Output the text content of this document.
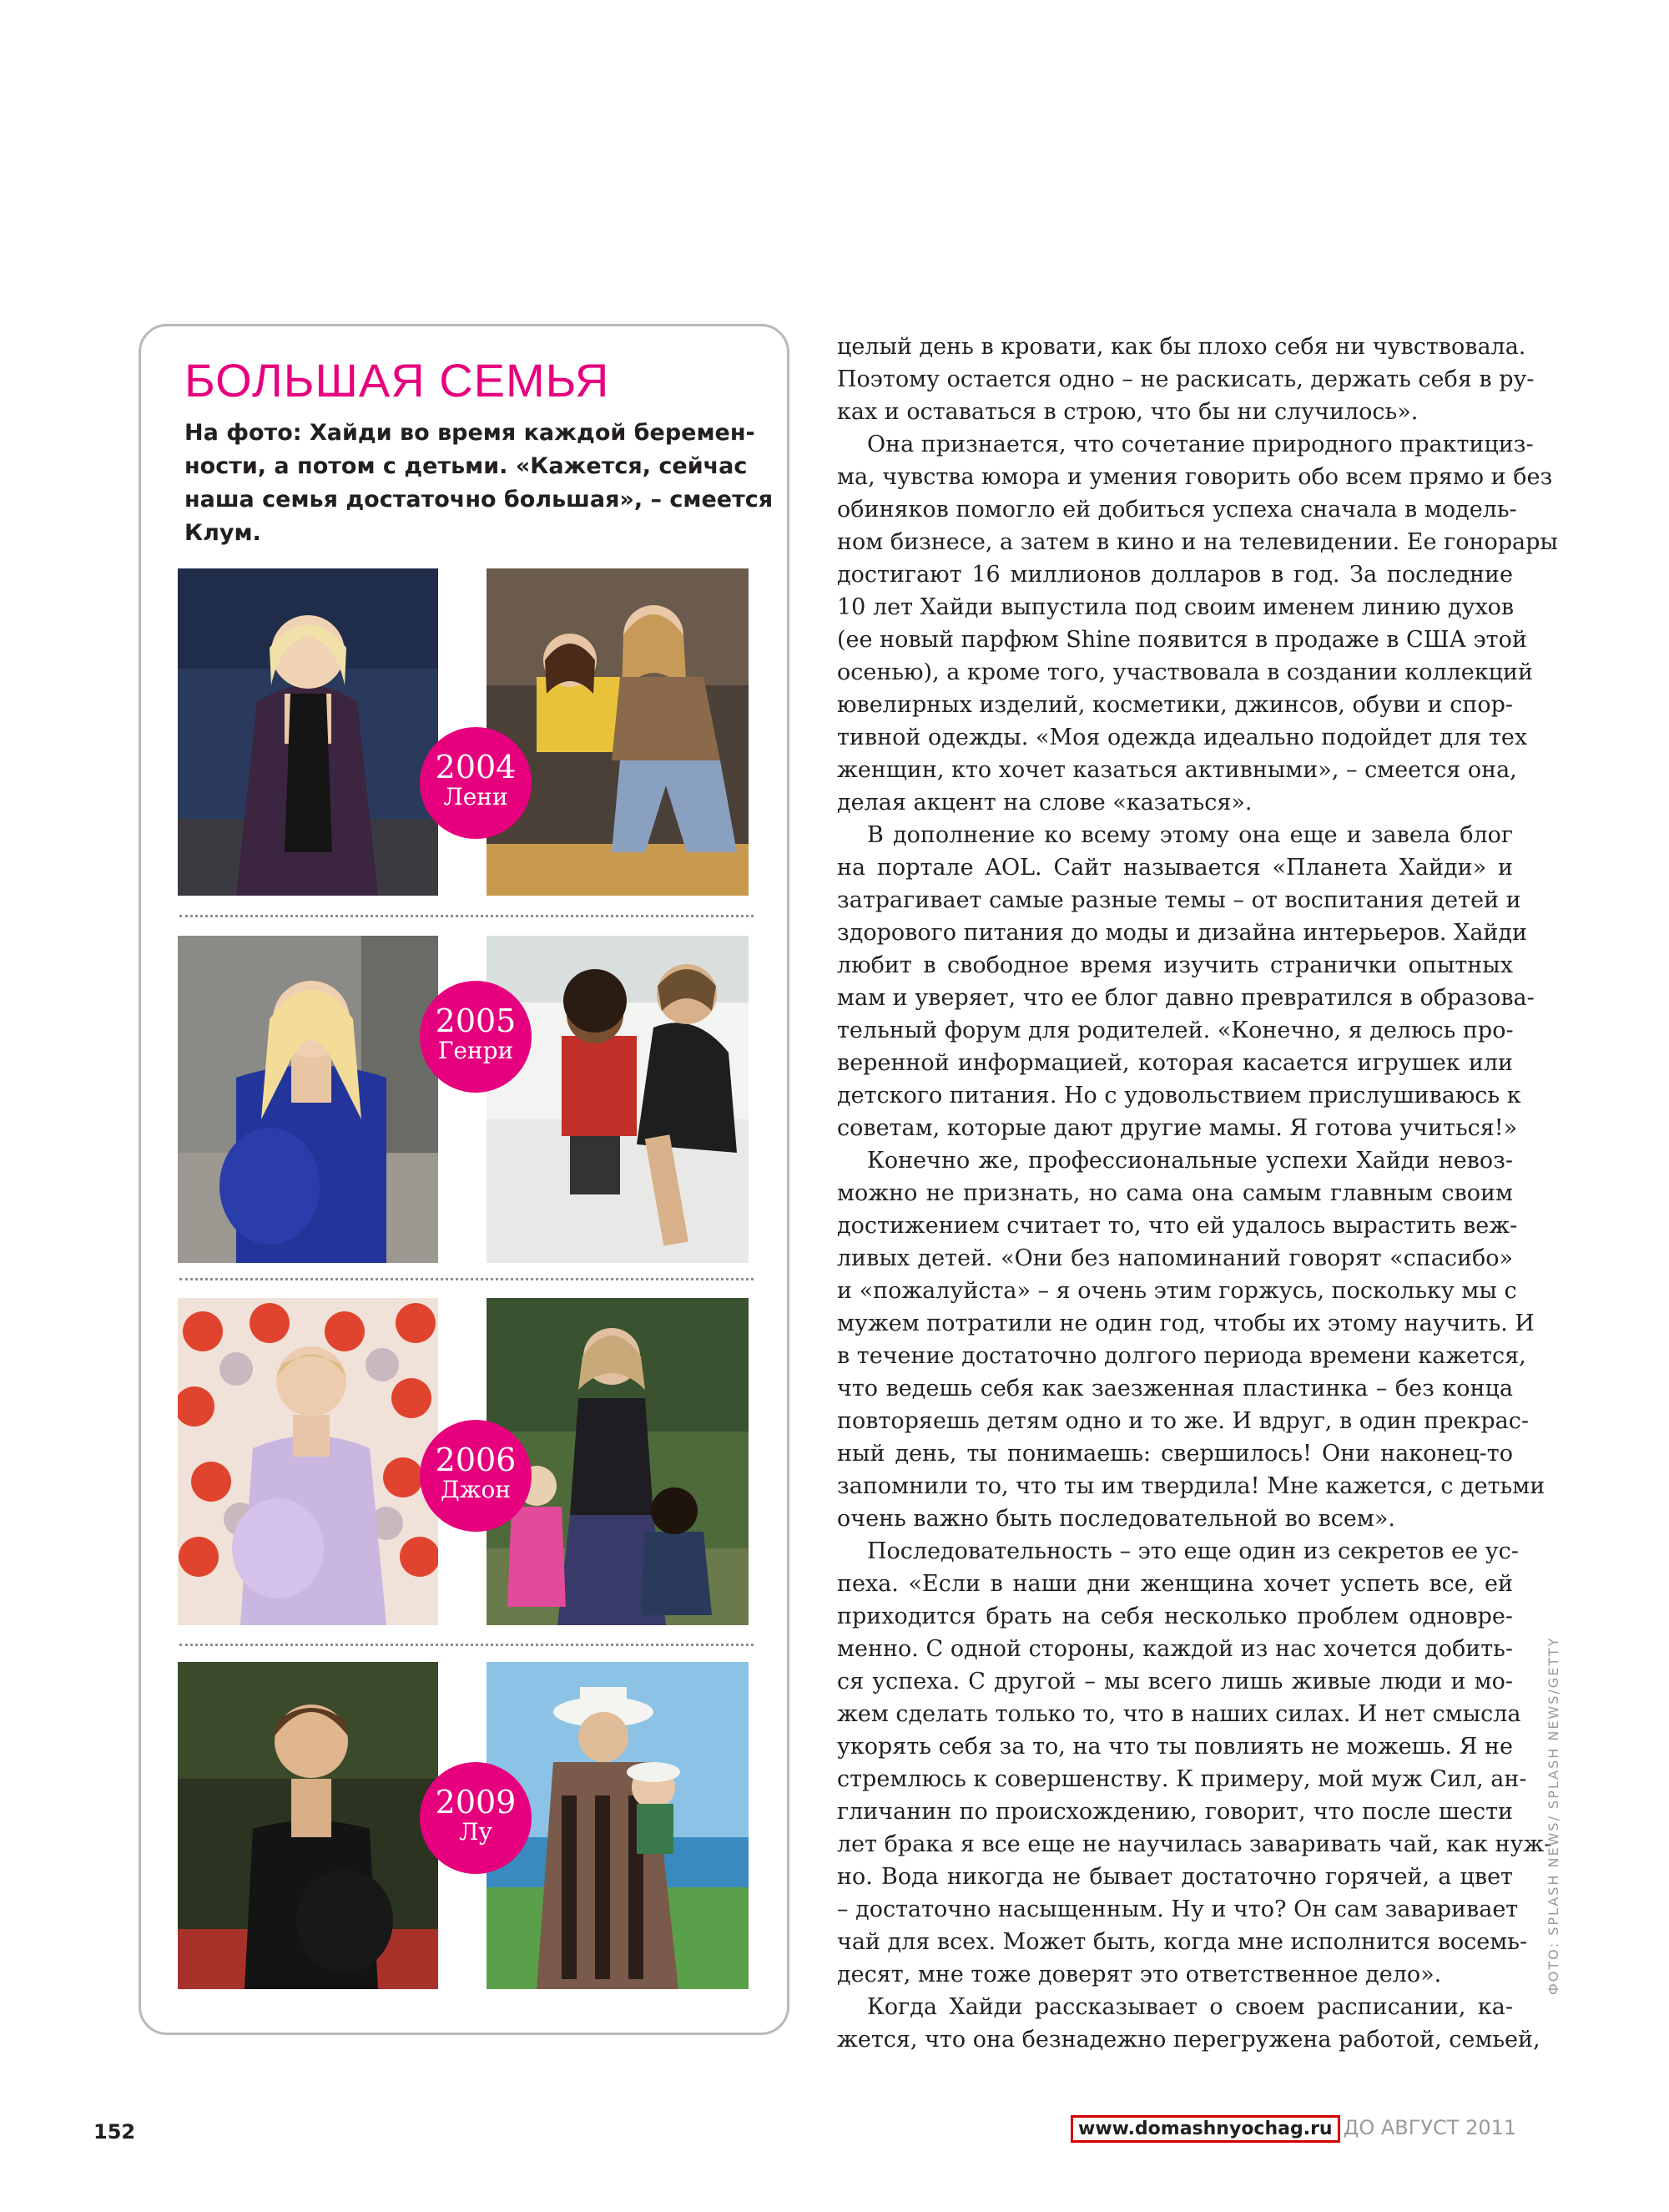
БОЛЬШАЯ СЕМЬЯ

На фото: Хайди во время каждой беремен-
ности, а потом с детьми. «Кажется, сейчас
наша семья достаточно большая», – смеется
Клум.

2004
Лени
2005
Генри
2006
Джон
2009
Лу
целый день в кровати, как бы плохо себя ни чувствовала.
Поэтому остается одно – не раскисать, держать себя в ру-
ках и оставаться в строю, что бы ни случилось».
Она признается, что сочетание природного практициз-
ма, чувства юмора и умения говорить обо всем прямо и без
обиняков помогло ей добиться успеха сначала в модель-
ном бизнесе, а затем в кино и на телевидении. Ее гонорары
достигают 16 миллионов долларов в год. За последние
10 лет Хайди выпустила под своим именем линию духов
(ее новый парфюм Shine появится в продаже в США этой
осенью), а кроме того, участвовала в создании коллекций
ювелирных изделий, косметики, джинсов, обуви и спор-
тивной одежды. «Моя одежда идеально подойдет для тех
женщин, кто хочет казаться активными», – смеется она,
делая акцент на слове «казаться».
В дополнение ко всему этому она еще и завела блог
на портале AOL. Сайт называется «Планета Хайди» и
затрагивает самые разные темы – от воспитания детей и
здорового питания до моды и дизайна интерьеров. Хайди
любит в свободное время изучить странички опытных
мам и уверяет, что ее блог давно превратился в образова-
тельный форум для родителей. «Конечно, я делюсь про-
веренной информацией, которая касается игрушек или
детского питания. Но с удовольствием прислушиваюсь к
советам, которые дают другие мамы. Я готова учиться!»
Конечно же, профессиональные успехи Хайди невоз-
можно не признать, но сама она самым главным своим
достижением считает то, что ей удалось вырастить веж-
ливых детей. «Они без напоминаний говорят «спасибо»
и «пожалуйста» – я очень этим горжусь, поскольку мы с
мужем потратили не один год, чтобы их этому научить. И
в течение достаточно долгого периода времени кажется,
что ведешь себя как заезженная пластинка – без конца
повторяешь детям одно и то же. И вдруг, в один прекрас-
ный день, ты понимаешь: свершилось! Они наконец-то
запомнили то, что ты им твердила! Мне кажется, с детьми
очень важно быть последовательной во всем».
Последовательность – это еще один из секретов ее ус-
пеха. «Если в наши дни женщина хочет успеть все, ей
приходится брать на себя несколько проблем одновре-
менно. С одной стороны, каждой из нас хочется добить-
ся успеха. С другой – мы всего лишь живые люди и мо-
жем сделать только то, что в наших силах. И нет смысла
укорять себя за то, на что ты повлиять не можешь. Я не
стремлюсь к совершенству. К примеру, мой муж Сил, ан-
гличанин по происхождению, говорит, что после шести
лет брака я все еще не научилась заваривать чай, как нуж-
но. Вода никогда не бывает достаточно горячей, а цвет
– достаточно насыщенным. Ну и что? Он сам заваривает
чай для всех. Может быть, когда мне исполнится восемь-
десят, мне тоже доверят это ответственное дело».
Когда Хайди рассказывает о своем расписании, ка-
жется, что она безнадежно перегружена работой, семьей,
ФОТО: SPLASH NEWS/ SPLASH NEWS/GETTY
152	www.domashnyochag.ru ДО АВГУСТ 2011
